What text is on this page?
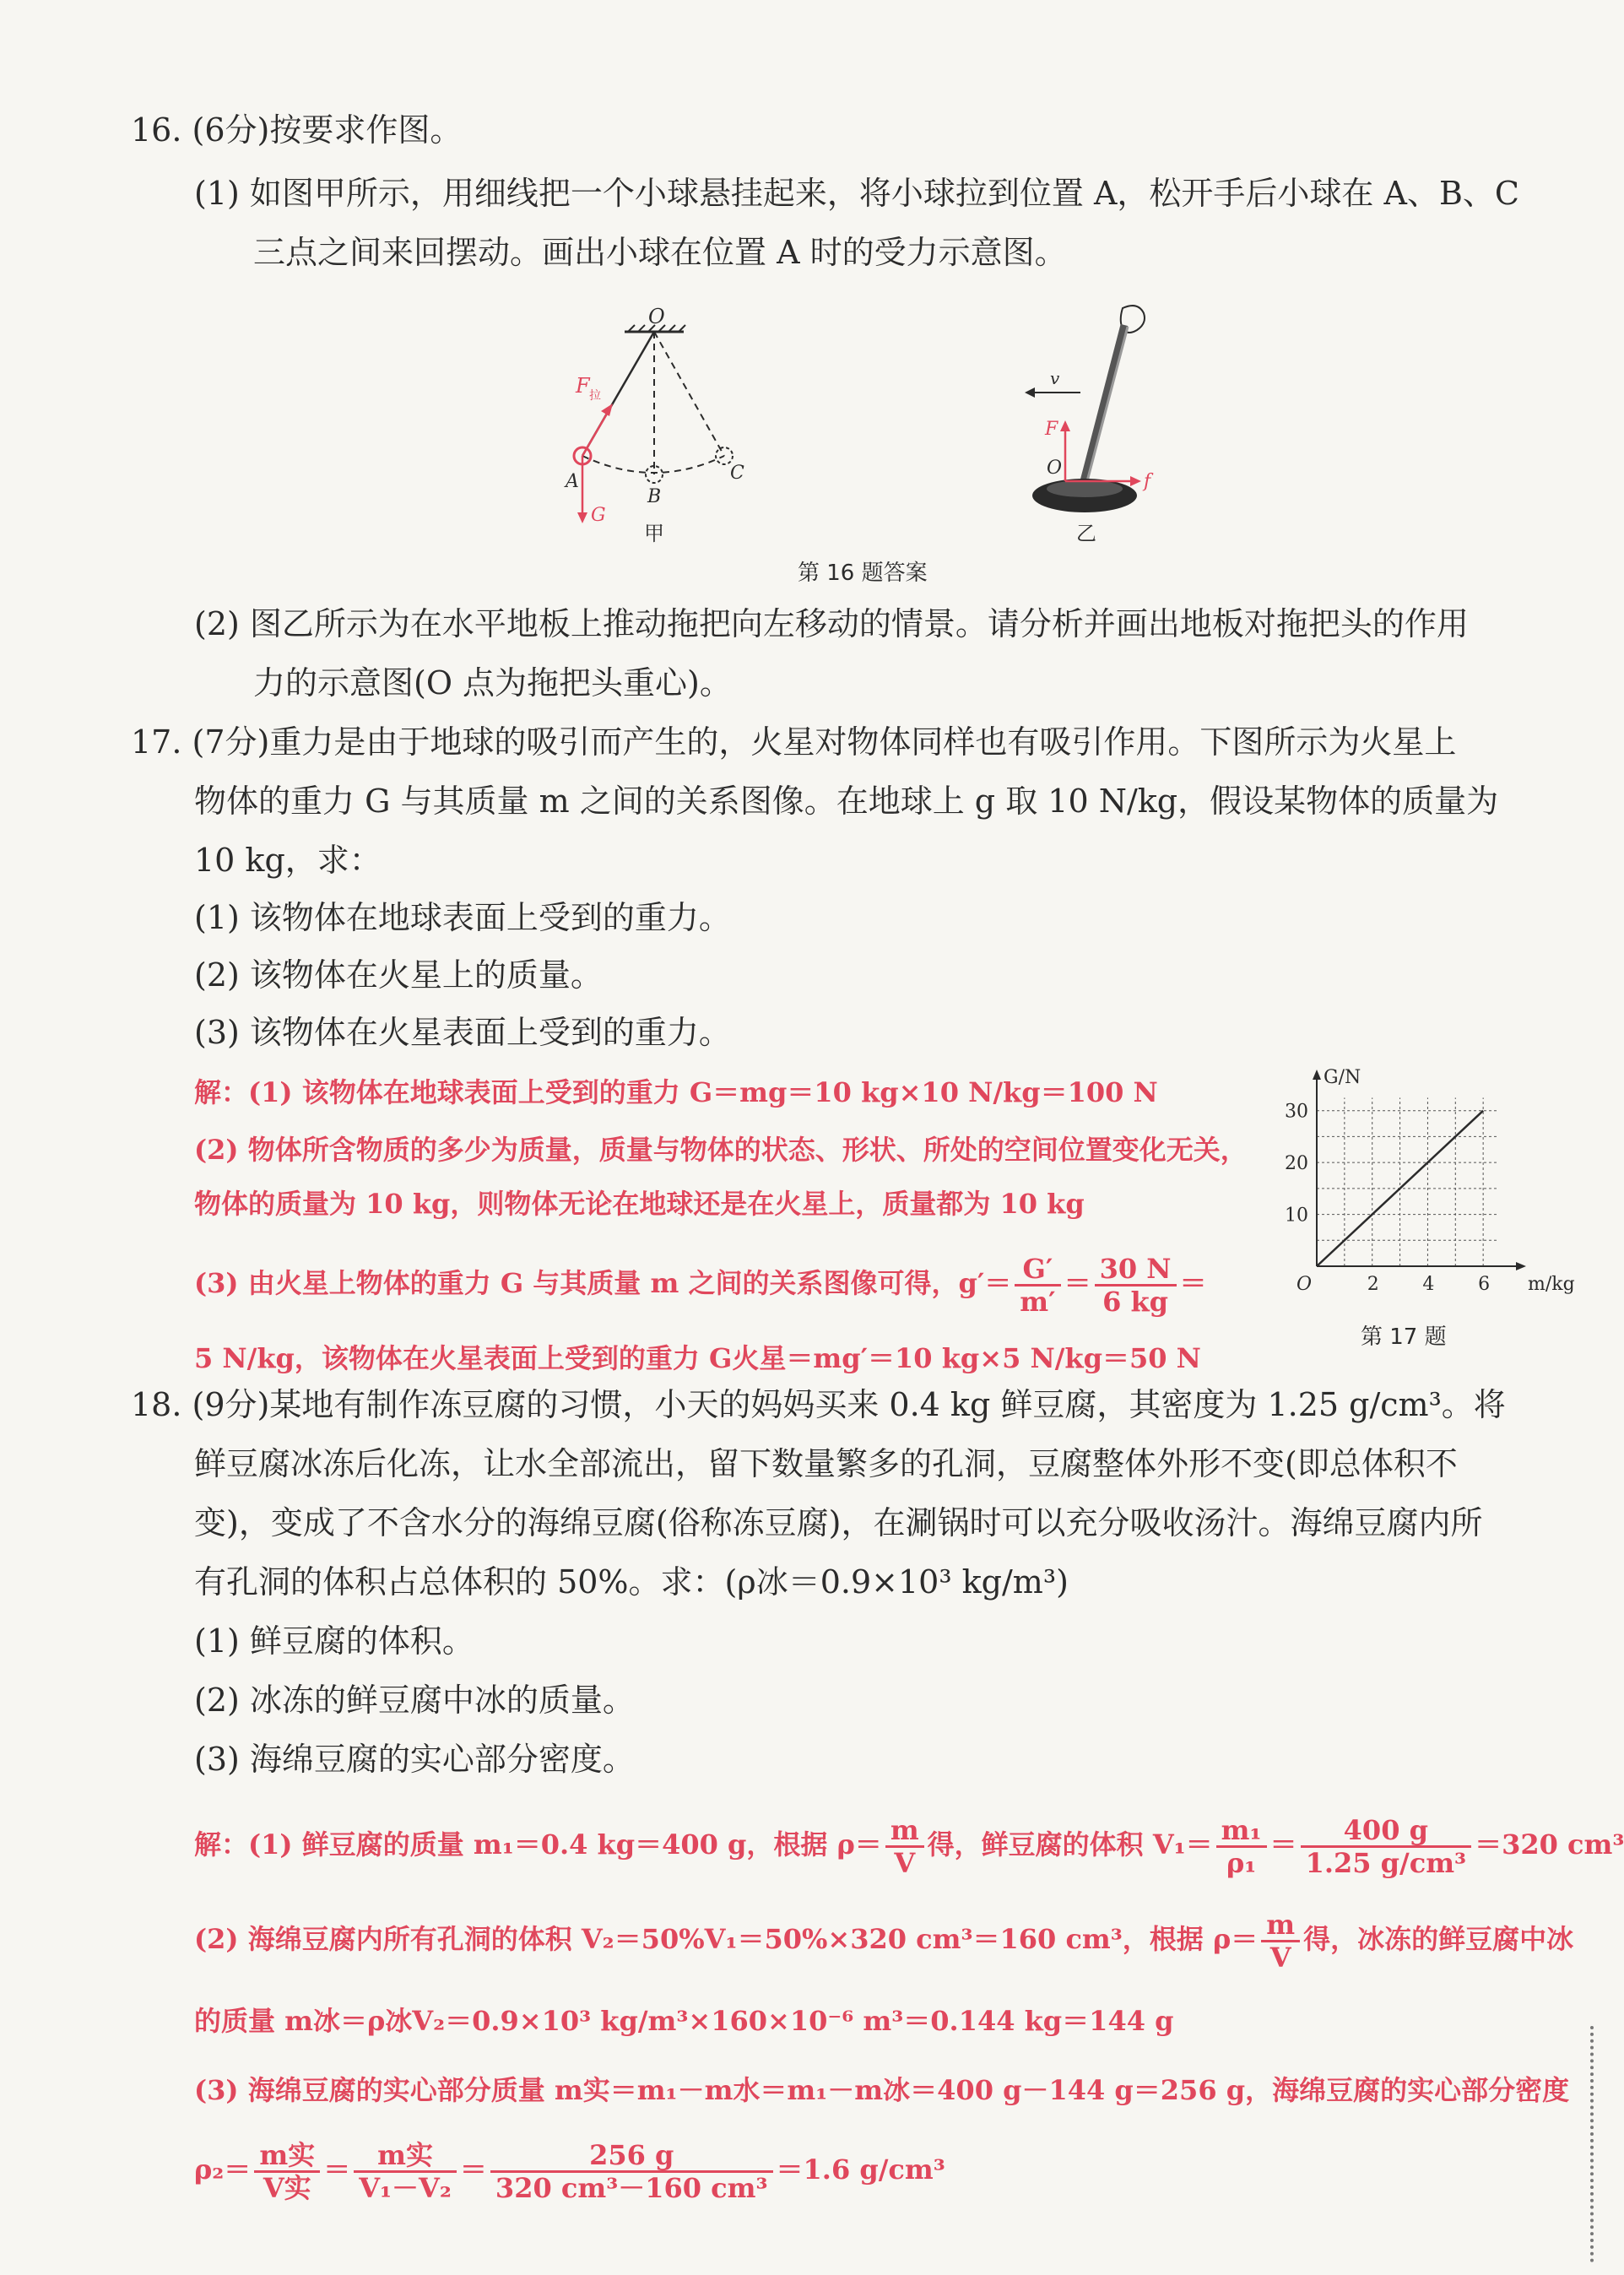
16. (6分)按要求作图。
(1) 如图甲所示，用细线把一个小球悬挂起来，将小球拉到位置 A，松开手后小球在 A、B、C
三点之间来回摆动。画出小球在位置 A 时的受力示意图。
O
F 拉
A
G
B
C
甲
v
F
O
f
乙
第 16 题答案
(2) 图乙所示为在水平地板上推动拖把向左移动的情景。请分析并画出地板对拖把头的作用
力的示意图(O 点为拖把头重心)。
17. (7分)重力是由于地球的吸引而产生的，火星对物体同样也有吸引作用。下图所示为火星上
物体的重力 G 与其质量 m 之间的关系图像。在地球上 g 取 10 N/kg，假设某物体的质量为
10 kg，求：
(1) 该物体在地球表面上受到的重力。
(2) 该物体在火星上的质量。
(3) 该物体在火星表面上受到的重力。
解：(1) 该物体在地球表面上受到的重力 G＝mg＝10 kg×10 N/kg＝100 N
(2) 物体所含物质的多少为质量，质量与物体的状态、形状、所处的空间位置变化无关，
物体的质量为 10 kg，则物体无论在地球还是在火星上，质量都为 10 kg
(3) 由火星上物体的重力 G 与其质量 m 之间的关系图像可得，$g'= \frac{G'}{m'} = \frac{30 N}{6 kg}$ ＝
5 N/kg，该物体在火星表面上受到的重力 G火星＝mg′＝10 kg×5 N/kg＝50 N
G/N
m/kg
O	2 4 6
10
20
30
第 17 题
18. (9分)某地有制作冻豆腐的习惯，小天的妈妈买来 0.4 kg 鲜豆腐，其密度为 1.25 g/cm³。将
鲜豆腐冰冻后化冻，让水全部流出，留下数量繁多的孔洞，豆腐整体外形不变(即总体积不
变)，变成了不含水分的海绵豆腐(俗称冻豆腐)，在涮锅时可以充分吸收汤汁。海绵豆腐内所
有孔洞的体积占总体积的 50%。求：(ρ冰＝0.9×10³ kg/m³)
(1) 鲜豆腐的体积。
(2) 冰冻的鲜豆腐中冰的质量。
(3) 海绵豆腐的实心部分密度。
解：(1) 鲜豆腐的质量 m₁＝0.4 kg＝400 g，根据 $\rho= \frac{m}{V}$ 得，鲜豆腐的体积 $V_1= \frac{\text{m₁}}{\text{ρ₁}} = \frac{400 g}{\text{1.25 g/cm³}} =320$ cm³
(2) 海绵豆腐内所有孔洞的体积 V₂＝50%V₁＝50%×320 cm³＝160 cm³，根据 $\rho= \frac{m}{V}$ 得，冰冻的鲜豆腐中冰
的质量 m冰＝ρ冰V₂＝0.9×10³ kg/m³×160×10⁻⁶ m³＝0.144 kg＝144 g
(3) 海绵豆腐的实心部分质量 m实＝m₁－m水＝m₁－m冰＝400 g－144 g＝256 g，海绵豆腐的实心部分密度
$\rho_2= \frac{\text{m实}}{\text{V实}} = \frac{\text{m实}}{\text{V₁－V₂}} = \frac{256 g}{\text{320 cm³－160 cm³}} =1.6$ g/cm³
